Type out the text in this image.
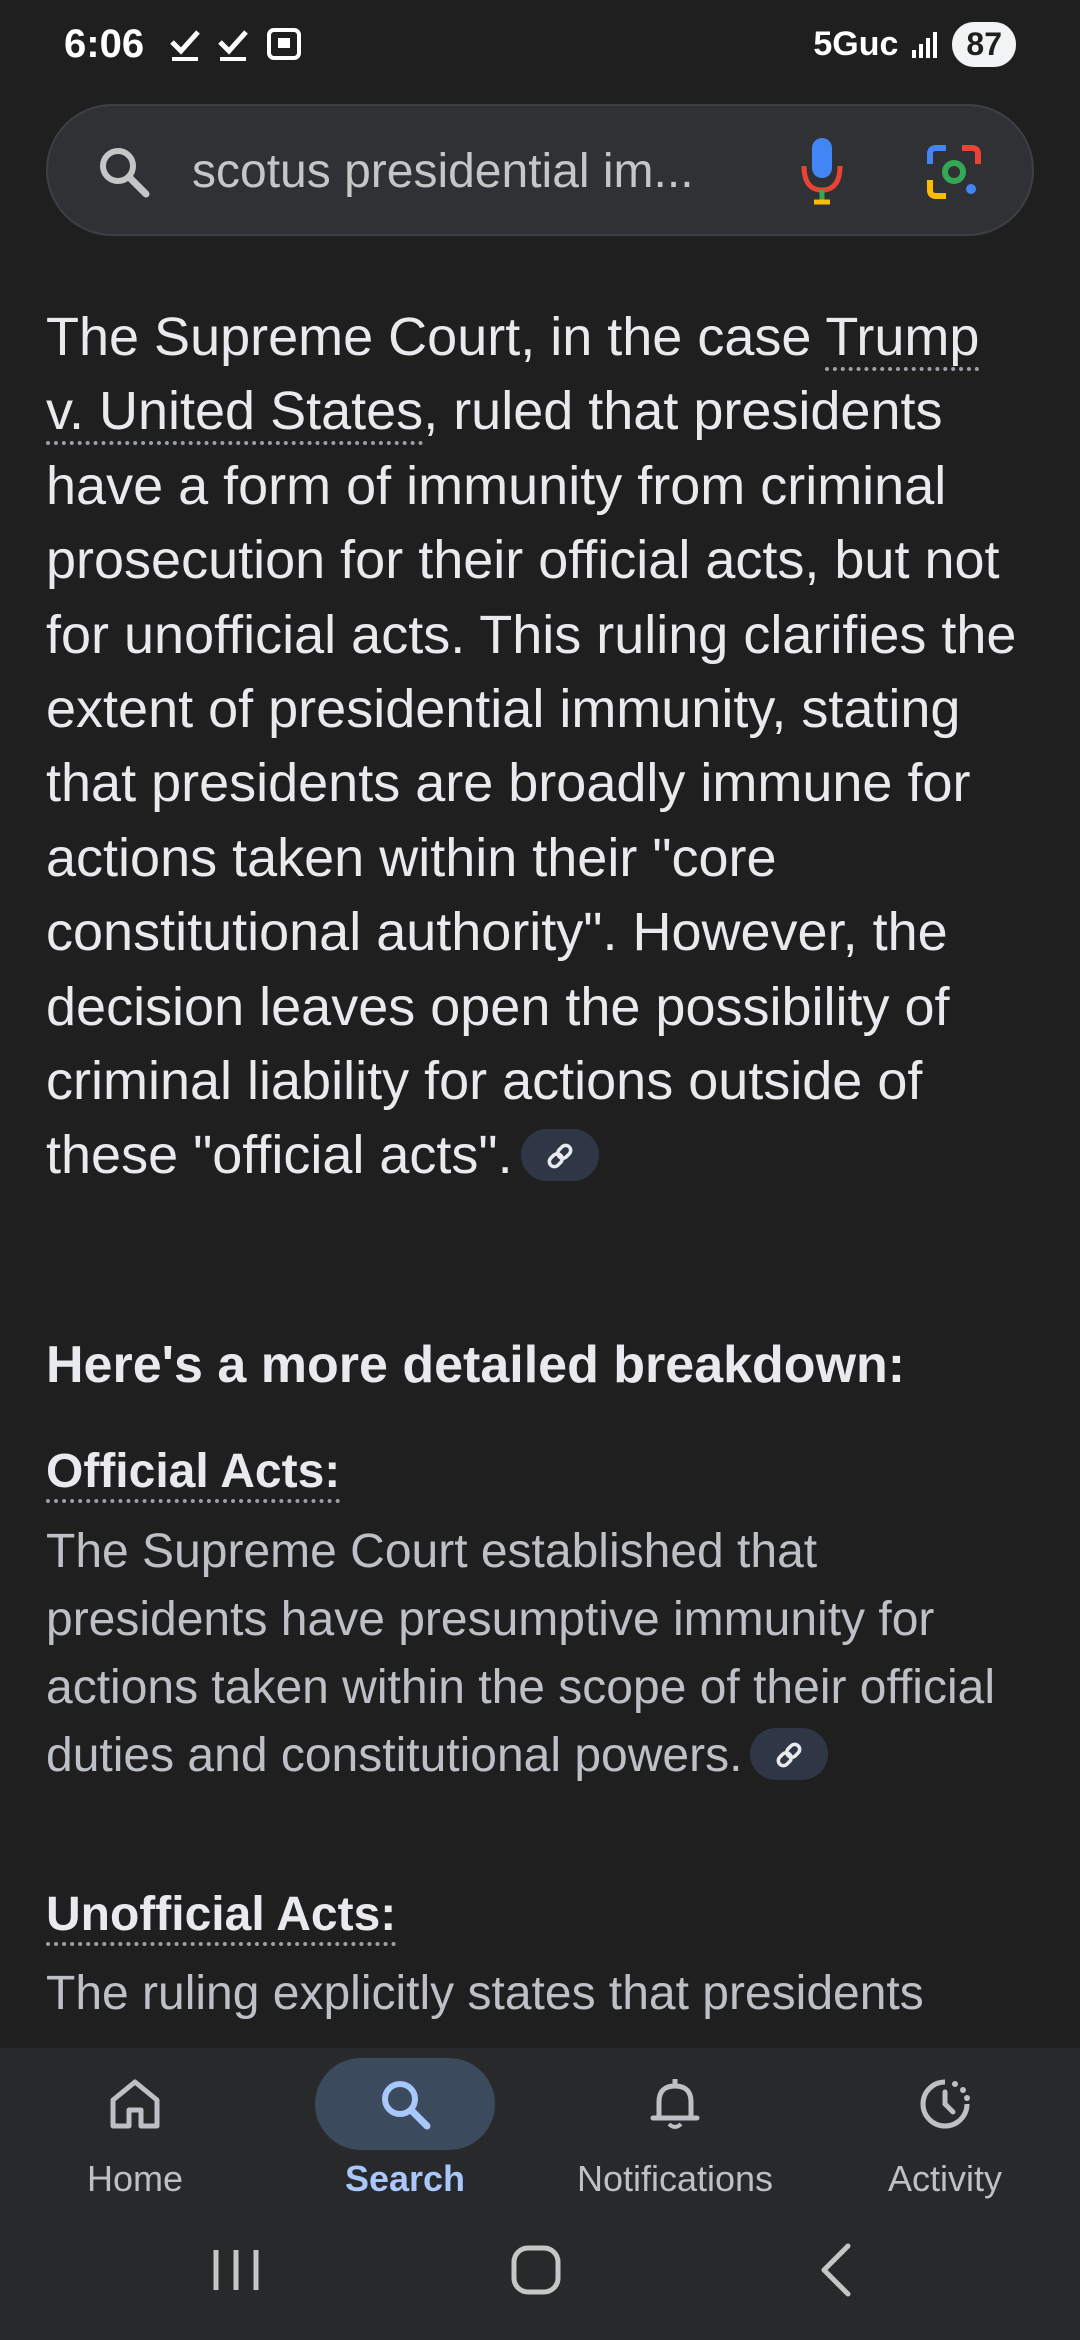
6:06	5Guc	87
scotus presidential im...

The Supreme Court, in the case Trump v. United States, ruled that presidents have a form of immunity from criminal prosecution for their official acts, but not for unofficial acts. This ruling clarifies the extent of presidential immunity, stating that presidents are broadly immune for actions taken within their "core constitutional authority". However, the decision leaves open the possibility of criminal liability for actions outside of these "official acts".

Here's a more detailed breakdown:
Official Acts:

The Supreme Court established that presidents have presumptive immunity for actions taken within the scope of their official duties and constitutional powers.

Unofficial Acts:

The ruling explicitly states that presidents

Home	Search	Notifications	Activity
